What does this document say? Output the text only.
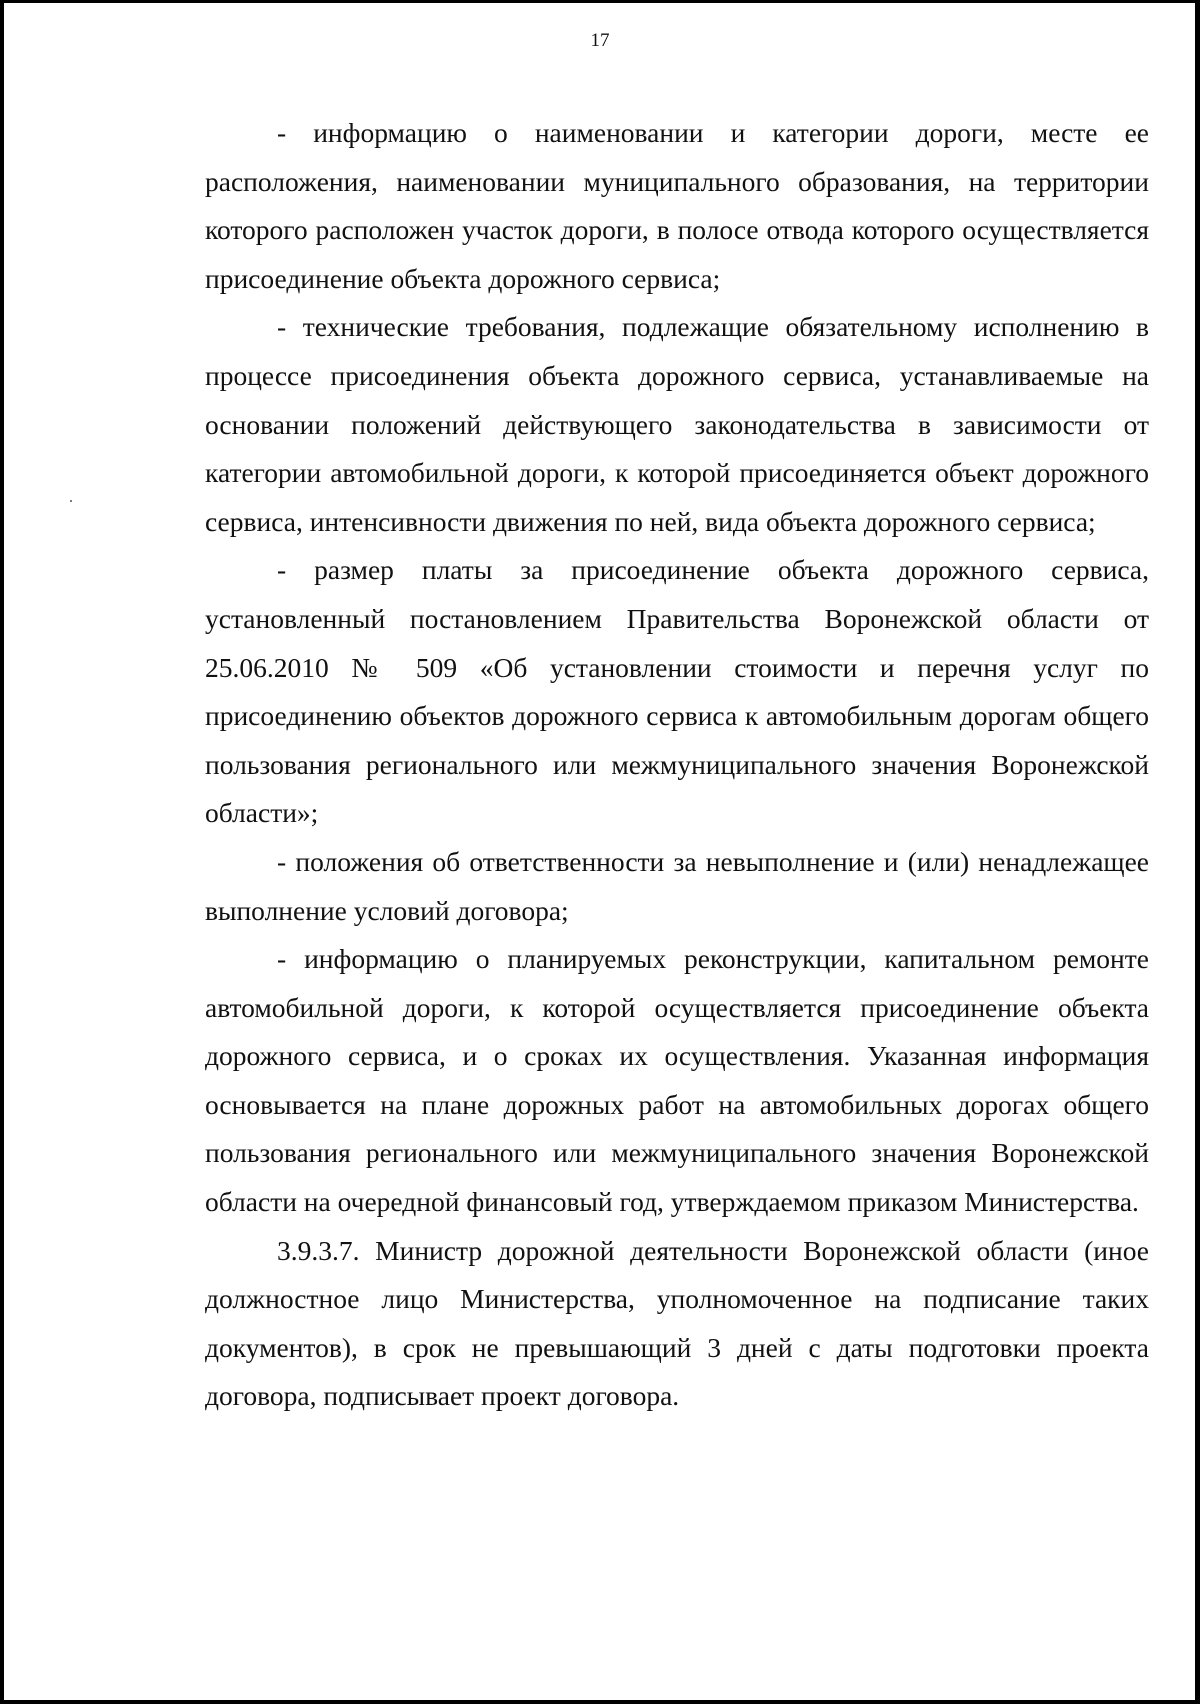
17

- информацию о наименовании и категории дороги, месте ее расположения, наименовании муниципального образования, на территории которого расположен участок дороги, в полосе отвода которого осуществляется присоединение объекта дорожного сервиса;

- технические требования, подлежащие обязательному исполнению в процессе присоединения объекта дорожного сервиса, устанавливаемые на основании положений действующего законодательства в зависимости от категории автомобильной дороги, к которой присоединяется объект дорожного сервиса, интенсивности движения по ней, вида объекта дорожного сервиса;

- размер платы за присоединение объекта дорожного сервиса, установленный постановлением Правительства Воронежской области от 25.06.2010 № 509 «Об установлении стоимости и перечня услуг по присоединению объектов дорожного сервиса к автомобильным дорогам общего пользования регионального или межмуниципального значения Воронежской области»;

- положения об ответственности за невыполнение и (или) ненадлежащее выполнение условий договора;

- информацию о планируемых реконструкции, капитальном ремонте автомобильной дороги, к которой осуществляется присоединение объекта дорожного сервиса, и о сроках их осуществления. Указанная информация основывается на плане дорожных работ на автомобильных дорогах общего пользования регионального или межмуниципального значения Воронежской области на очередной финансовый год, утверждаемом приказом Министерства.

3.9.3.7. Министр дорожной деятельности Воронежской области (иное должностное лицо Министерства, уполномоченное на подписание таких документов), в срок не превышающий 3 дней с даты подготовки проекта договора, подписывает проект договора.
